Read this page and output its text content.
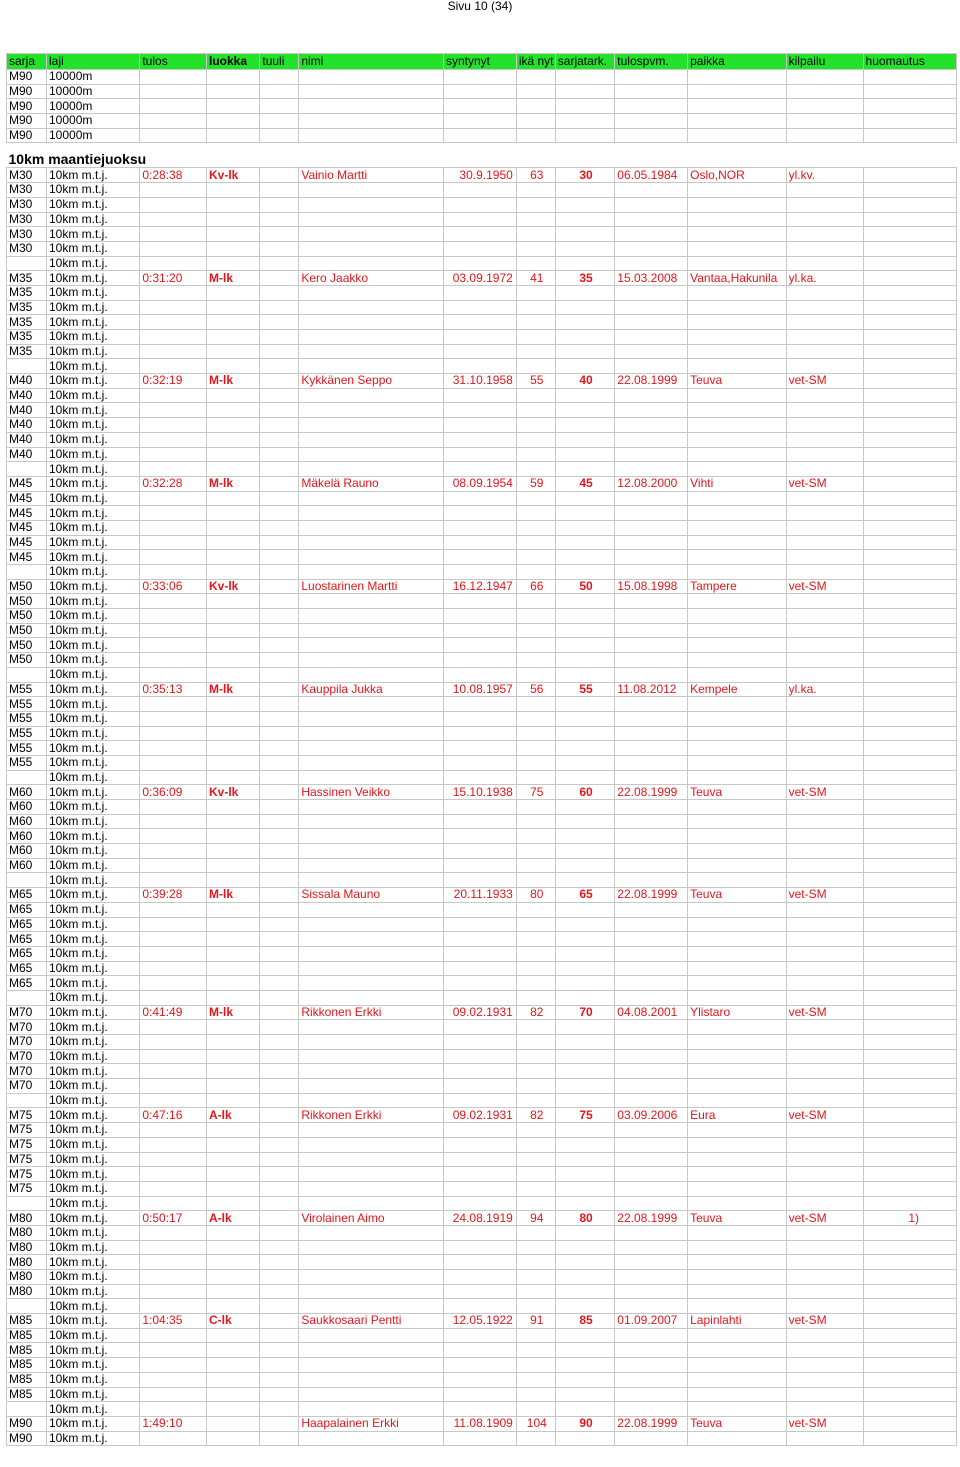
Sivu 10 (34)
sarja	laji	tulos	luokka	tuuli	nimi	syntynyt	ikä nyt	sarjatark.	tulospvm.	paikka	kilpailu	huomautus
M90	10000m											
M90	10000m											
M90	10000m											
M90	10000m											
M90	10000m											
10km maantiejuoksu												
M30	10km m.t.j.	0:28:38	Kv-lk		Vainio Martti	30.9.1950	63	30	06.05.1984	Oslo,NOR	yl.kv.	
M30	10km m.t.j.											
M30	10km m.t.j.											
M30	10km m.t.j.											
M30	10km m.t.j.											
M30	10km m.t.j.											
	10km m.t.j.											
M35	10km m.t.j.	0:31:20	M-lk		Kero Jaakko	03.09.1972	41	35	15.03.2008	Vantaa,Hakunila	yl.ka.	
M35	10km m.t.j.											
M35	10km m.t.j.											
M35	10km m.t.j.											
M35	10km m.t.j.											
M35	10km m.t.j.											
	10km m.t.j.											
M40	10km m.t.j.	0:32:19	M-lk		Kykkänen Seppo	31.10.1958	55	40	22.08.1999	Teuva	vet-SM	
M40	10km m.t.j.											
M40	10km m.t.j.											
M40	10km m.t.j.											
M40	10km m.t.j.											
M40	10km m.t.j.											
	10km m.t.j.											
M45	10km m.t.j.	0:32:28	M-lk		Mäkelä Rauno	08.09.1954	59	45	12.08.2000	Vihti	vet-SM	
M45	10km m.t.j.											
M45	10km m.t.j.											
M45	10km m.t.j.											
M45	10km m.t.j.											
M45	10km m.t.j.											
	10km m.t.j.											
M50	10km m.t.j.	0:33:06	Kv-lk		Luostarinen Martti	16.12.1947	66	50	15.08.1998	Tampere	vet-SM	
M50	10km m.t.j.											
M50	10km m.t.j.											
M50	10km m.t.j.											
M50	10km m.t.j.											
M50	10km m.t.j.											
	10km m.t.j.											
M55	10km m.t.j.	0:35:13	M-lk		Kauppila Jukka	10.08.1957	56	55	11.08.2012	Kempele	yl.ka.	
M55	10km m.t.j.											
M55	10km m.t.j.											
M55	10km m.t.j.											
M55	10km m.t.j.											
M55	10km m.t.j.											
	10km m.t.j.											
M60	10km m.t.j.	0:36:09	Kv-lk		Hassinen Veikko	15.10.1938	75	60	22.08.1999	Teuva	vet-SM	
M60	10km m.t.j.											
M60	10km m.t.j.											
M60	10km m.t.j.											
M60	10km m.t.j.											
M60	10km m.t.j.											
	10km m.t.j.											
M65	10km m.t.j.	0:39:28	M-lk		Sissala Mauno	20.11.1933	80	65	22.08.1999	Teuva	vet-SM	
M65	10km m.t.j.											
M65	10km m.t.j.											
M65	10km m.t.j.											
M65	10km m.t.j.											
M65	10km m.t.j.											
M65	10km m.t.j.											
	10km m.t.j.											
M70	10km m.t.j.	0:41:49	M-lk		Rikkonen Erkki	09.02.1931	82	70	04.08.2001	Ylistaro	vet-SM	
M70	10km m.t.j.											
M70	10km m.t.j.											
M70	10km m.t.j.											
M70	10km m.t.j.											
M70	10km m.t.j.											
	10km m.t.j.											
M75	10km m.t.j.	0:47:16	A-lk		Rikkonen Erkki	09.02.1931	82	75	03.09.2006	Eura	vet-SM	
M75	10km m.t.j.											
M75	10km m.t.j.											
M75	10km m.t.j.											
M75	10km m.t.j.											
M75	10km m.t.j.											
	10km m.t.j.											
M80	10km m.t.j.	0:50:17	A-lk		Virolainen Aimo	24.08.1919	94	80	22.08.1999	Teuva	vet-SM	1)
M80	10km m.t.j.											
M80	10km m.t.j.											
M80	10km m.t.j.											
M80	10km m.t.j.											
M80	10km m.t.j.											
	10km m.t.j.											
M85	10km m.t.j.	1:04:35	C-lk		Saukkosaari Pentti	12.05.1922	91	85	01.09.2007	Lapinlahti	vet-SM	
M85	10km m.t.j.											
M85	10km m.t.j.											
M85	10km m.t.j.											
M85	10km m.t.j.											
M85	10km m.t.j.											
	10km m.t.j.											
M90	10km m.t.j.	1:49:10			Haapalainen Erkki	11.08.1909	104	90	22.08.1999	Teuva	vet-SM	
M90	10km m.t.j.											
